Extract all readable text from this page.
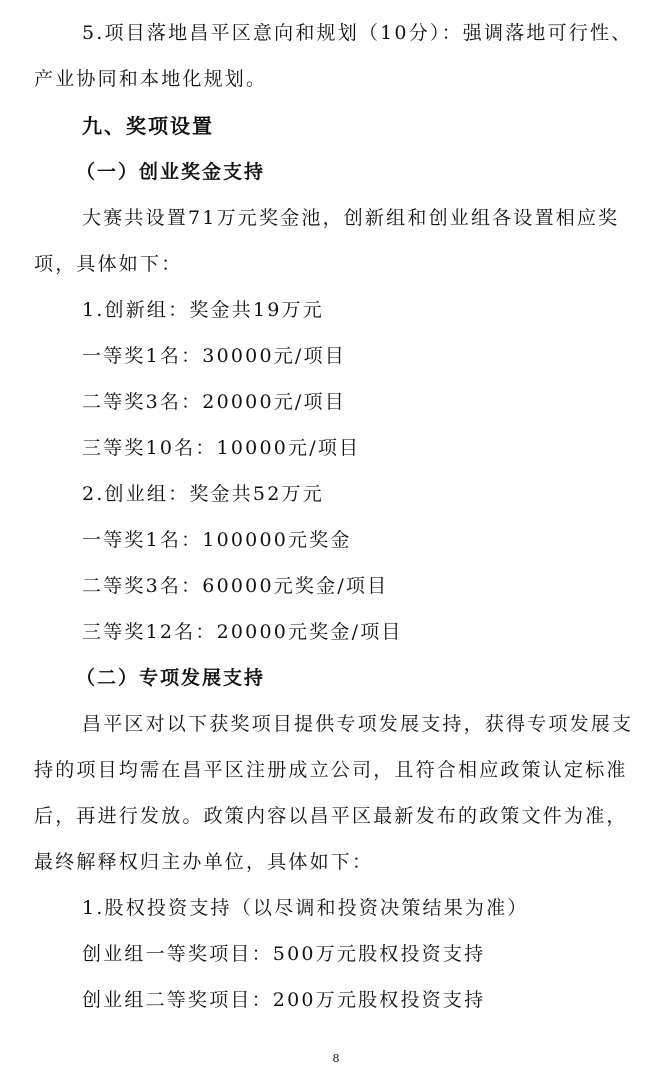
5.项目落地昌平区意向和规划（10分）：强调落地可行性、
产业协同和本地化规划。
九、奖项设置
（一）创业奖金支持
大赛共设置71万元奖金池，创新组和创业组各设置相应奖
项，具体如下：
1.创新组：奖金共19万元
一等奖1名：30000元/项目
二等奖3名：20000元/项目
三等奖10名：10000元/项目
2.创业组：奖金共52万元
一等奖1名：100000元奖金
二等奖3名：60000元奖金/项目
三等奖12名：20000元奖金/项目
（二）专项发展支持
昌平区对以下获奖项目提供专项发展支持，获得专项发展支
持的项目均需在昌平区注册成立公司，且符合相应政策认定标准
后，再进行发放。政策内容以昌平区最新发布的政策文件为准，
最终解释权归主办单位，具体如下：
1.股权投资支持（以尽调和投资决策结果为准）
创业组一等奖项目：500万元股权投资支持
创业组二等奖项目：200万元股权投资支持
8
